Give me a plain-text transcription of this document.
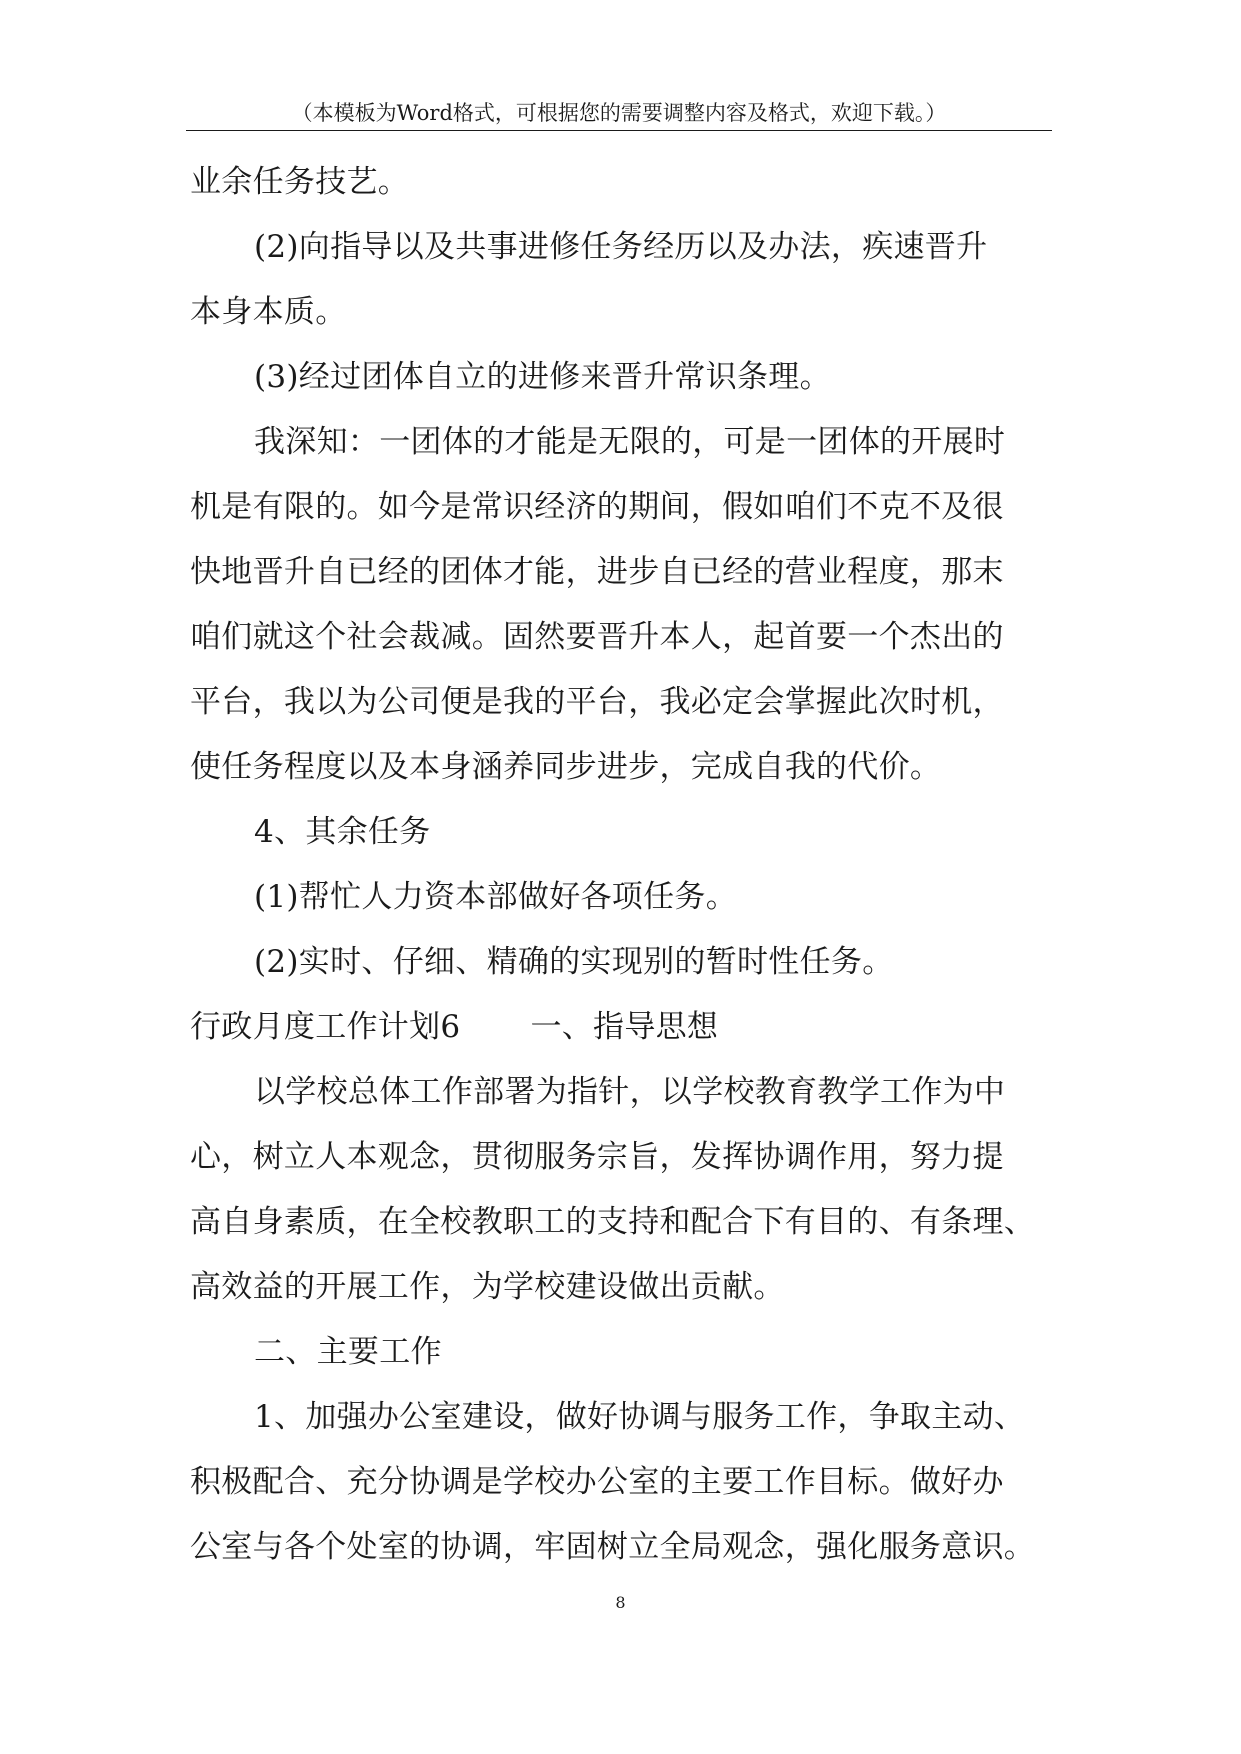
（本模板为Word格式，可根据您的需要调整内容及格式，欢迎下载。）
业余任务技艺。
(2)向指导以及共事进修任务经历以及办法，疾速晋升
本身本质。
(3)经过团体自立的进修来晋升常识条理。
我深知：一团体的才能是无限的，可是一团体的开展时
机是有限的。如今是常识经济的期间，假如咱们不克不及很
快地晋升自已经的团体才能，进步自已经的营业程度，那末
咱们就这个社会裁减。固然要晋升本人，起首要一个杰出的
平台，我以为公司便是我的平台，我必定会掌握此次时机，
使任务程度以及本身涵养同步进步，完成自我的代价。
4、其余任务
(1)帮忙人力资本部做好各项任务。
(2)实时、仔细、精确的实现别的暂时性任务。
行政月度工作计划6 一、指导思想
以学校总体工作部署为指针，以学校教育教学工作为中
心，树立人本观念，贯彻服务宗旨，发挥协调作用，努力提
高自身素质，在全校教职工的支持和配合下有目的、有条理、
高效益的开展工作，为学校建设做出贡献。
二、主要工作
1、加强办公室建设，做好协调与服务工作，争取主动、
积极配合、充分协调是学校办公室的主要工作目标。做好办
公室与各个处室的协调，牢固树立全局观念，强化服务意识。
8
